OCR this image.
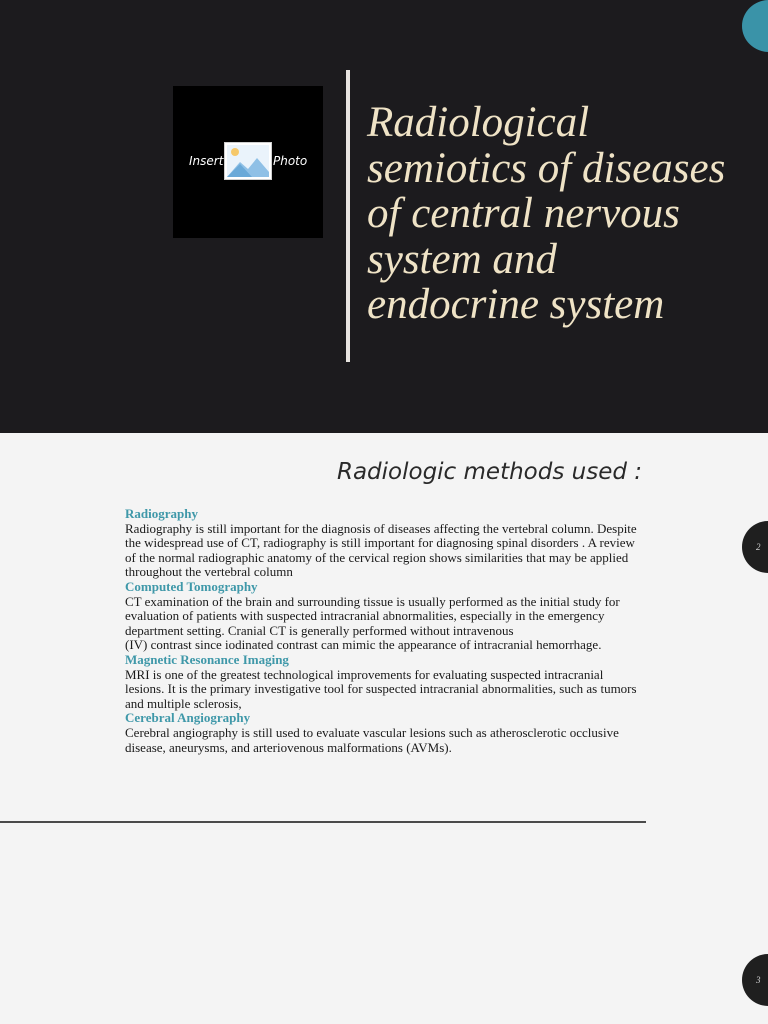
Insert	Photo
Radiological semiotics of diseases of central nervous system and endocrine system
Radiologic methods used :
Radiography

Radiography is still important for the diagnosis of diseases affecting the vertebral column. Despite the widespread use of CT, radiography is still important for diagnosing spinal disorders . A review of the normal radiographic anatomy of the cervical region shows similarities that may be applied throughout the vertebral column

Computed Tomography

CT examination of the brain and surrounding tissue is usually performed as the initial study for evaluation of patients with suspected intracranial abnormalities, especially in the emergency department setting. Cranial CT is generally performed without intravenous

(IV) contrast since iodinated contrast can mimic the appearance of intracranial hemorrhage.

Magnetic Resonance Imaging

MRI is one of the greatest technological improvements for evaluating suspected intracranial

lesions. It is the primary investigative tool for suspected intracranial abnormalities, such as tumors and multiple sclerosis,

Cerebral Angiography

Cerebral angiography is still used to evaluate vascular lesions such as atherosclerotic occlusive disease, aneurysms, and arteriovenous malformations (AVMs).

2
3
